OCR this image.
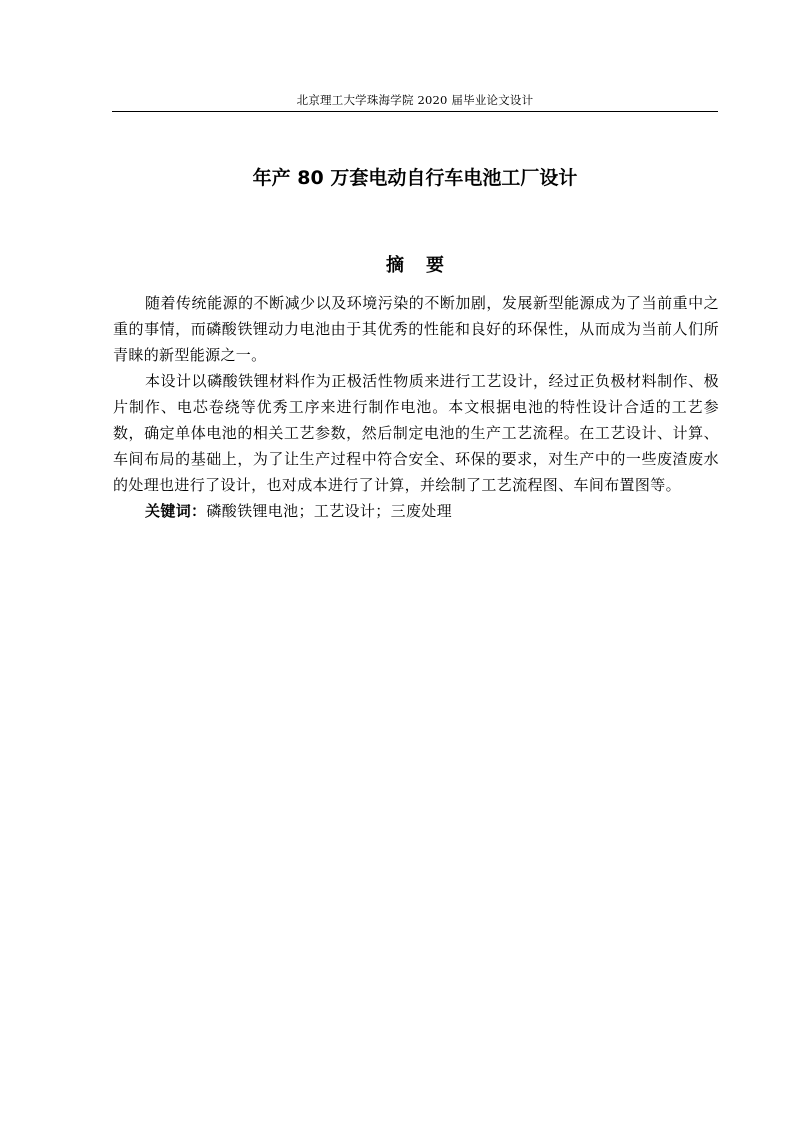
北京理工大学珠海学院 2020 届毕业论文设计
年产 80 万套电动自行车电池工厂设计
摘要

随着传统能源的不断减少以及环境污染的不断加剧，发展新型能源成为了当前重中之重的事情，而磷酸铁锂动力电池由于其优秀的性能和良好的环保性，从而成为当前人们所青睐的新型能源之一。

本设计以磷酸铁锂材料作为正极活性物质来进行工艺设计，经过正负极材料制作、极片制作、电芯卷绕等优秀工序来进行制作电池。本文根据电池的特性设计合适的工艺参数，确定单体电池的相关工艺参数，然后制定电池的生产工艺流程。在工艺设计、计算、车间布局的基础上，为了让生产过程中符合安全、环保的要求，对生产中的一些废渣废水的处理也进行了设计，也对成本进行了计算，并绘制了工艺流程图、车间布置图等。

关键词：磷酸铁锂电池；工艺设计；三废处理
